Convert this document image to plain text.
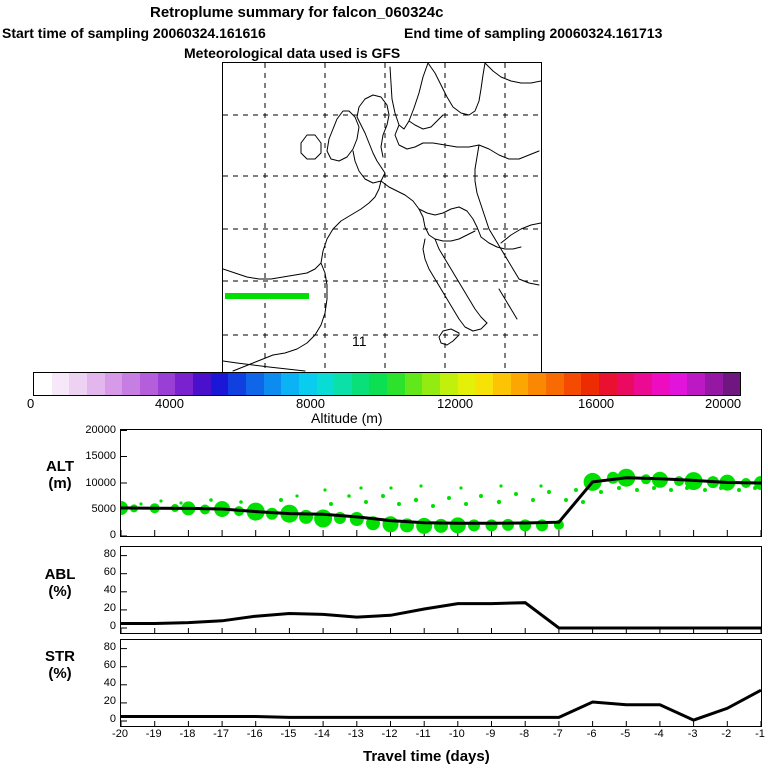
Retroplume summary for falcon_060324c
Start time of sampling 20060324.161616	End time of sampling 20060324.161713
Meteorological data used is GFS
11
0	4000	8000	12000	16000	20000
Altitude (m)
ALT
(m)
20000
15000
10000
5000
0
ABL
(%)
80
60
40
20
0
STR
(%)
80
60
40
20
0
-20	-19	-18	-17	-16	-15	-14	-13	-12	-11	-10	-9	-8	-7	-6	-5	-4	-3	-2	-1
Travel time (days)
